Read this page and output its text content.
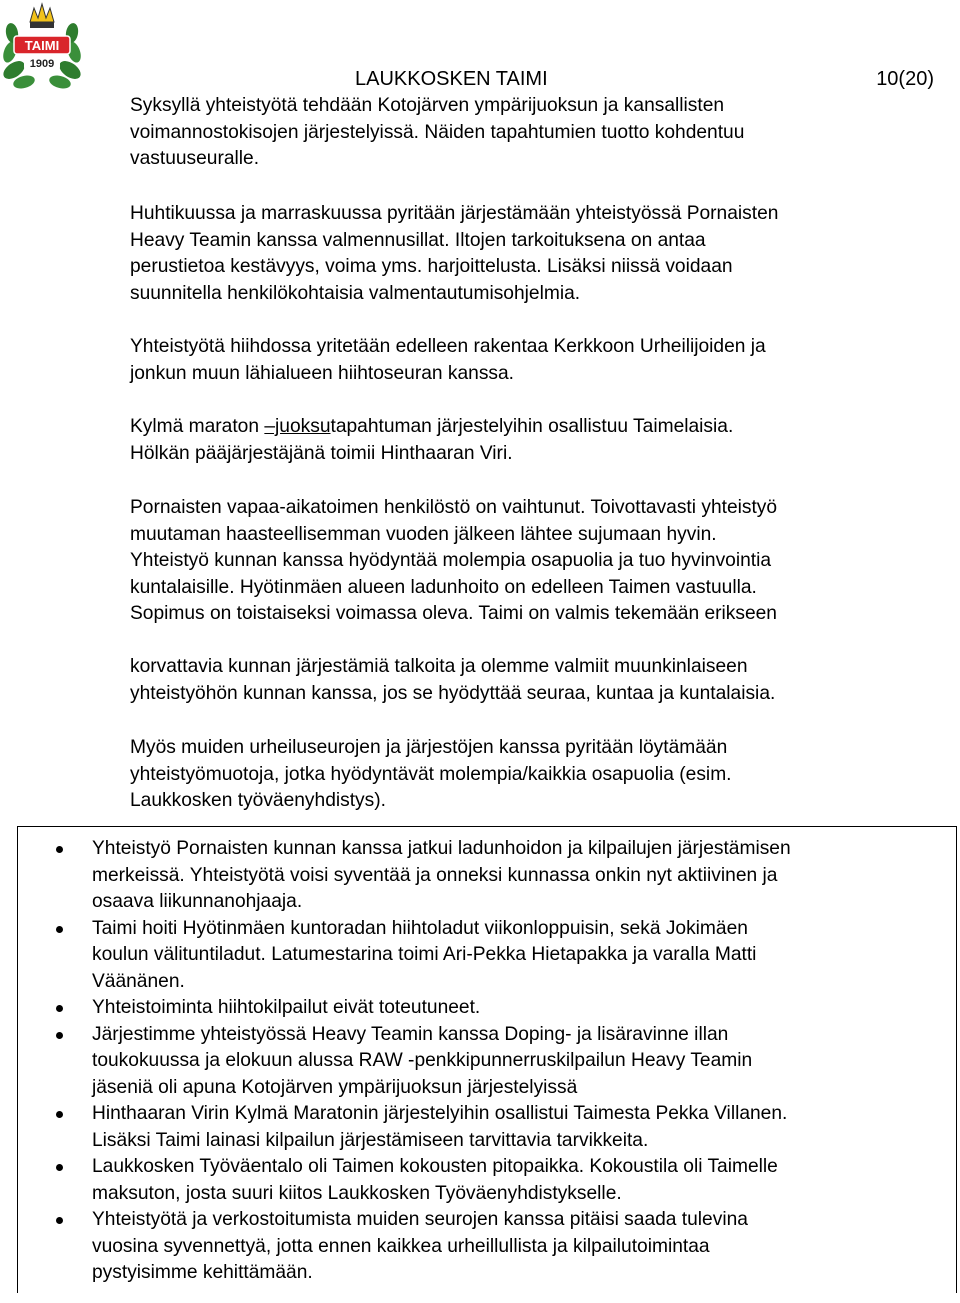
TAIMI
1909
LAUKKOSKEN TAIMI	10(20)

Syksyllä yhteistyötä tehdään Kotojärven ympärijuoksun ja kansallisten
voimannostokisojen järjestelyissä. Näiden tapahtumien tuotto kohdentuu
vastuuseuralle.

Huhtikuussa ja marraskuussa pyritään järjestämään yhteistyössä Pornaisten
Heavy Teamin kanssa valmennusillat. Iltojen tarkoituksena on antaa
perustietoa kestävyys, voima yms. harjoittelusta. Lisäksi niissä voidaan
suunnitella henkilökohtaisia valmentautumisohjelmia.

Yhteistyötä hiihdossa yritetään edelleen rakentaa Kerkkoon Urheilijoiden ja
jonkun muun lähialueen hiihtoseuran kanssa.

Kylmä maraton –juoksutapahtuman järjestelyihin osallistuu Taimelaisia.
Hölkän pääjärjestäjänä toimii Hinthaaran Viri.

Pornaisten vapaa-aikatoimen henkilöstö on vaihtunut. Toivottavasti yhteistyö
muutaman haasteellisemman vuoden jälkeen lähtee sujumaan hyvin.
Yhteistyö kunnan kanssa hyödyntää molempia osapuolia ja tuo hyvinvointia
kuntalaisille. Hyötinmäen alueen ladunhoito on edelleen Taimen vastuulla.
Sopimus on toistaiseksi voimassa oleva. Taimi on valmis tekemään erikseen

korvattavia kunnan järjestämiä talkoita ja olemme valmiit muunkinlaiseen
yhteistyöhön kunnan kanssa, jos se hyödyttää seuraa, kuntaa ja kuntalaisia.

Myös muiden urheiluseurojen ja järjestöjen kanssa pyritään löytämään
yhteistyömuotoja, jotka hyödyntävät molempia/kaikkia osapuolia (esim.
Laukkosken työväenyhdistys).

Yhteistyö Pornaisten kunnan kanssa jatkui ladunhoidon ja kilpailujen järjestämisen
merkeissä. Yhteistyötä voisi syventää ja onneksi kunnassa onkin nyt aktiivinen ja
osaava liikunnanohjaaja.
Taimi hoiti Hyötinmäen kuntoradan hiihtoladut viikonloppuisin, sekä Jokimäen
koulun välituntiladut. Latumestarina toimi Ari-Pekka Hietapakka ja varalla Matti
Väänänen.
Yhteistoiminta hiihtokilpailut eivät toteutuneet.
Järjestimme yhteistyössä Heavy Teamin kanssa Doping- ja lisäravinne illan
toukokuussa ja elokuun alussa RAW -penkkipunnerruskilpailun Heavy Teamin
jäseniä oli apuna Kotojärven ympärijuoksun järjestelyissä
Hinthaaran Virin Kylmä Maratonin järjestelyihin osallistui Taimesta Pekka Villanen.
Lisäksi Taimi lainasi kilpailun järjestämiseen tarvittavia tarvikkeita.
Laukkosken Työväentalo oli Taimen kokousten pitopaikka. Kokoustila oli Taimelle
maksuton, josta suuri kiitos Laukkosken Työväenyhdistykselle.
Yhteistyötä ja verkostoitumista muiden seurojen kanssa pitäisi saada tulevina
vuosina syvennettyä, jotta ennen kaikkea urheillullista ja kilpailutoimintaa
pystyisimme kehittämään.
